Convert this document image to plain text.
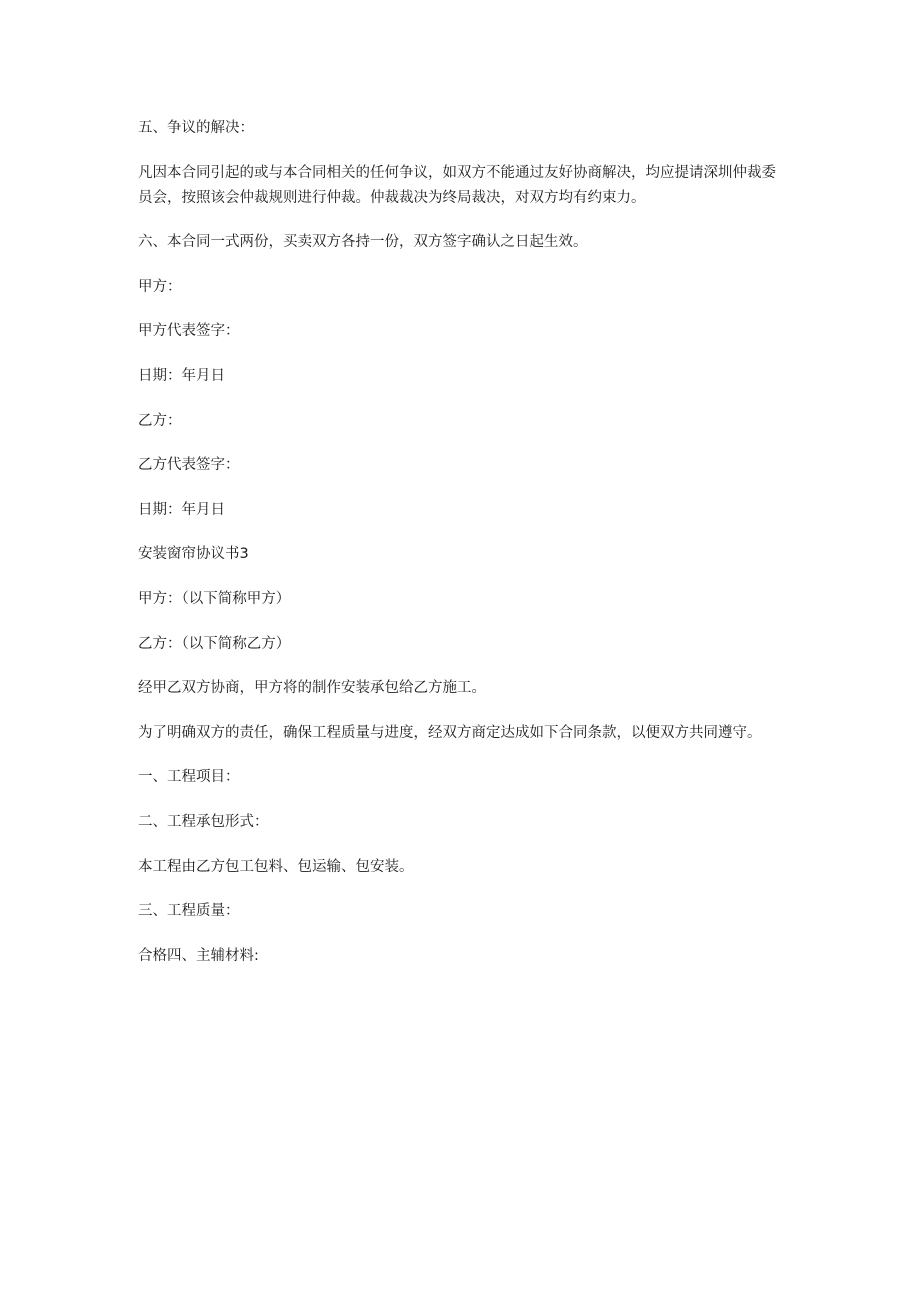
五、争议的解决：

凡因本合同引起的或与本合同相关的任何争议，如双方不能通过友好协商解决，均应提请深圳仲裁委员会，按照该会仲裁规则进行仲裁。仲裁裁决为终局裁决，对双方均有约束力。

六、本合同一式两份，买卖双方各持一份，双方签字确认之日起生效。

甲方：

甲方代表签字：

日期：年月日

乙方：

乙方代表签字：

日期：年月日

安装窗帘协议书3

甲方：（以下简称甲方）

乙方：（以下简称乙方）

经甲乙双方协商，甲方将的制作安装承包给乙方施工。

为了明确双方的责任，确保工程质量与进度，经双方商定达成如下合同条款，以便双方共同遵守。

一、工程项目：

二、工程承包形式：

本工程由乙方包工包料、包运输、包安装。

三、工程质量：

合格四、主辅材料:
